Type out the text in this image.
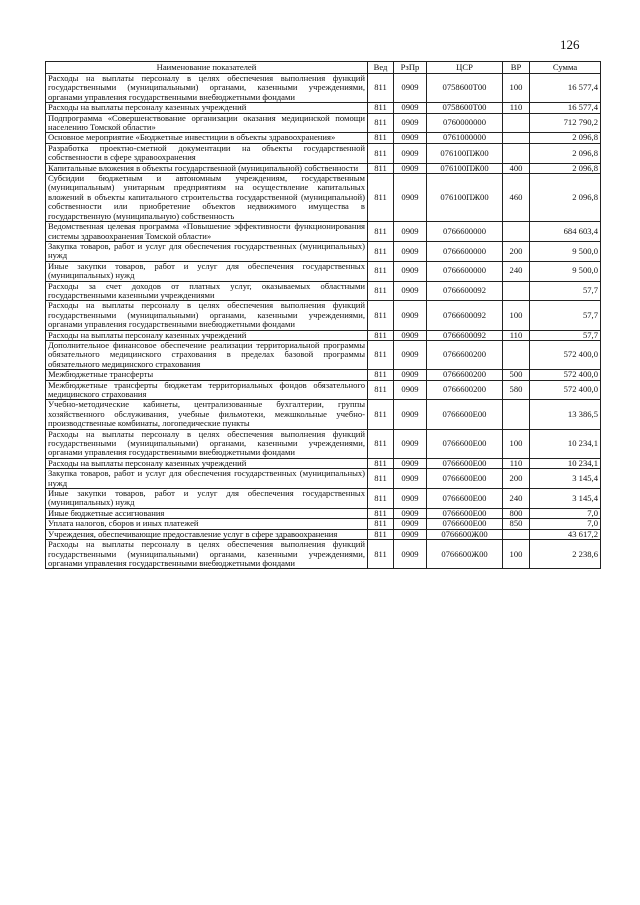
126
Наименование показателей	Вед	РзПр	ЦСР	ВР	Сумма
Расходы на выплаты персоналу в целях обеспечения выполнения функций государственными (муниципальными) органами, казенными учреждениями, органами управления государственными внебюджетными фондами	811	0909	0758600Т00	100	16 577,4
Расходы на выплаты персоналу казенных учреждений	811	0909	0758600Т00	110	16 577,4
Подпрограмма «Совершенствование организации оказания медицинской помощи населению Томской области»	811	0909	0760000000		712 790,2
Основное мероприятие «Бюджетные инвестиции в объекты здравоохранения»	811	0909	0761000000		2 096,8
Разработка проектно-сметной документации на объекты государственной собственности в сфере здравоохранения	811	0909	076100ПЖ00		2 096,8
Капитальные вложения в объекты государственной (муниципальной) собственности	811	0909	076100ПЖ00	400	2 096,8
Субсидии бюджетным и автономным учреждениям, государственным (муниципальным) унитарным предприятиям на осуществление капитальных вложений в объекты капитального строительства государственной (муниципальной) собственности или приобретение объектов недвижимого имущества в государственную (муниципальную) собственность	811	0909	076100ПЖ00	460	2 096,8
Ведомственная целевая программа «Повышение эффективности функционирования системы здравоохранения Томской области»	811	0909	0766600000		684 603,4
Закупка товаров, работ и услуг для обеспечения государственных (муниципальных) нужд	811	0909	0766600000	200	9 500,0
Иные закупки товаров, работ и услуг для обеспечения государственных (муниципальных) нужд	811	0909	0766600000	240	9 500,0
Расходы за счет доходов от платных услуг, оказываемых областными государственными казенными учреждениями	811	0909	0766600092		57,7
Расходы на выплаты персоналу в целях обеспечения выполнения функций государственными (муниципальными) органами, казенными учреждениями, органами управления государственными внебюджетными фондами	811	0909	0766600092	100	57,7
Расходы на выплаты персоналу казенных учреждений	811	0909	0766600092	110	57,7
Дополнительное финансовое обеспечение реализации территориальной программы обязательного медицинского страхования в пределах базовой программы обязательного медицинского страхования	811	0909	0766600200		572 400,0
Межбюджетные трансферты	811	0909	0766600200	500	572 400,0
Межбюджетные трансферты бюджетам территориальных фондов обязательного медицинского страхования	811	0909	0766600200	580	572 400,0
Учебно-методические кабинеты, централизованные бухгалтерии, группы хозяйственного обслуживания, учебные фильмотеки, межшкольные учебно-производственные комбинаты, логопедические пункты	811	0909	0766600Е00		13 386,5
Расходы на выплаты персоналу в целях обеспечения выполнения функций государственными (муниципальными) органами, казенными учреждениями, органами управления государственными внебюджетными фондами	811	0909	0766600Е00	100	10 234,1
Расходы на выплаты персоналу казенных учреждений	811	0909	0766600Е00	110	10 234,1
Закупка товаров, работ и услуг для обеспечения государственных (муниципальных) нужд	811	0909	0766600Е00	200	3 145,4
Иные закупки товаров, работ и услуг для обеспечения государственных (муниципальных) нужд	811	0909	0766600Е00	240	3 145,4
Иные бюджетные ассигнования	811	0909	0766600Е00	800	7,0
Уплата налогов, сборов и иных платежей	811	0909	0766600Е00	850	7,0
Учреждения, обеспечивающие предоставление услуг в сфере здравоохранения	811	0909	0766600Ж00		43 617,2
Расходы на выплаты персоналу в целях обеспечения выполнения функций государственными (муниципальными) органами, казенными учреждениями, органами управления государственными внебюджетными фондами	811	0909	0766600Ж00	100	2 238,6
